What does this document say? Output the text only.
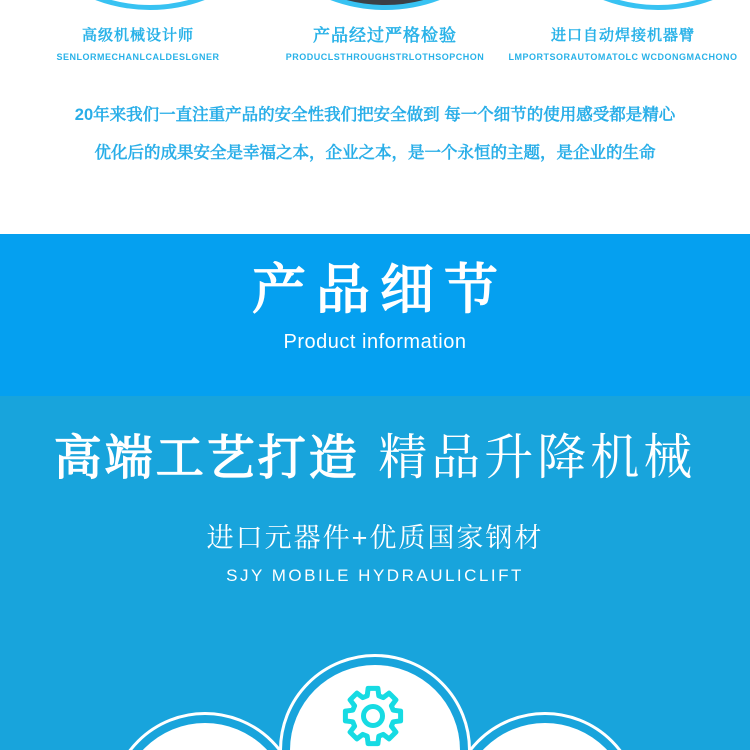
高级机械设计师
SENLORMECHANLCALDESLGNER
产品经过严格检验
PRODUCLSTHROUGHSTRLOTHSOPCHON
进口自动焊接机器臂
LMPORTSORAUTOMATOLC WCDONGMACHONO
20年来我们一直注重产品的安全性我们把安全做到 每一个细节的使用感受都是精心
优化后的成果安全是幸福之本，企业之本，是一个永恒的主题，是企业的生命
产品细节
Product information
高端工艺打造 精品升降机械
进口元器件+优质国家钢材
SJY MOBILE HYDRAULICLIFT
